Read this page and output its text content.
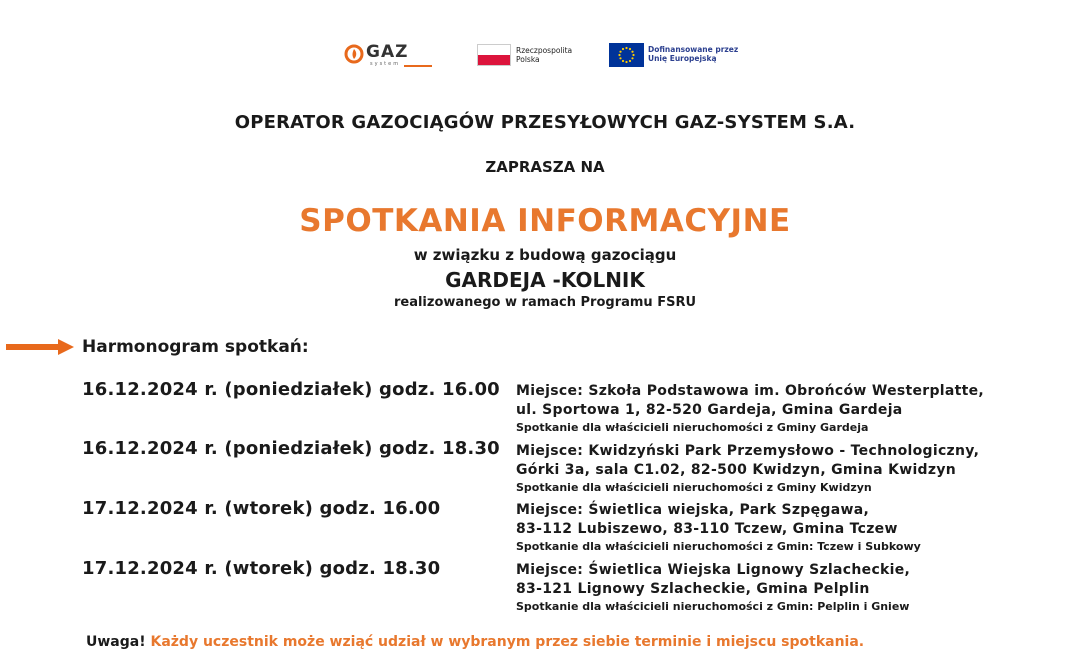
GAZ
system
Rzeczpospolita Polska
Dofinansowane przez Unię Europejską
OPERATOR GAZOCIĄGÓW PRZESYŁOWYCH GAZ-SYSTEM S.A.
ZAPRASZA NA
SPOTKANIA INFORMACYJNE
w związku z budową gazociągu
GARDEJA -KOLNIK
realizowanego w ramach Programu FSRU
Harmonogram spotkań:
16.12.2024 r. (poniedziałek) godz. 16.00 Miejsce: Szkoła Podstawowa im. Obrońców Westerplatte,
ul. Sportowa 1, 82-520 Gardeja, Gmina Gardeja
Spotkanie dla właścicieli nieruchomości z Gminy Gardeja
16.12.2024 r. (poniedziałek) godz. 18.30 Miejsce: Kwidzyński Park Przemysłowo - Technologiczny,
Górki 3a, sala C1.02, 82-500 Kwidzyn, Gmina Kwidzyn
Spotkanie dla właścicieli nieruchomości z Gminy Kwidzyn
17.12.2024 r. (wtorek) godz. 16.00	Miejsce: Świetlica wiejska, Park Szpęgawa,
83-112 Lubiszewo, 83-110 Tczew, Gmina Tczew
Spotkanie dla właścicieli nieruchomości z Gmin: Tczew i Subkowy
17.12.2024 r. (wtorek) godz. 18.30	Miejsce: Świetlica Wiejska Lignowy Szlacheckie,
83-121 Lignowy Szlacheckie, Gmina Pelplin
Spotkanie dla właścicieli nieruchomości z Gmin: Pelplin i Gniew
Uwaga! Każdy uczestnik może wziąć udział w wybranym przez siebie terminie i miejscu spotkania.
